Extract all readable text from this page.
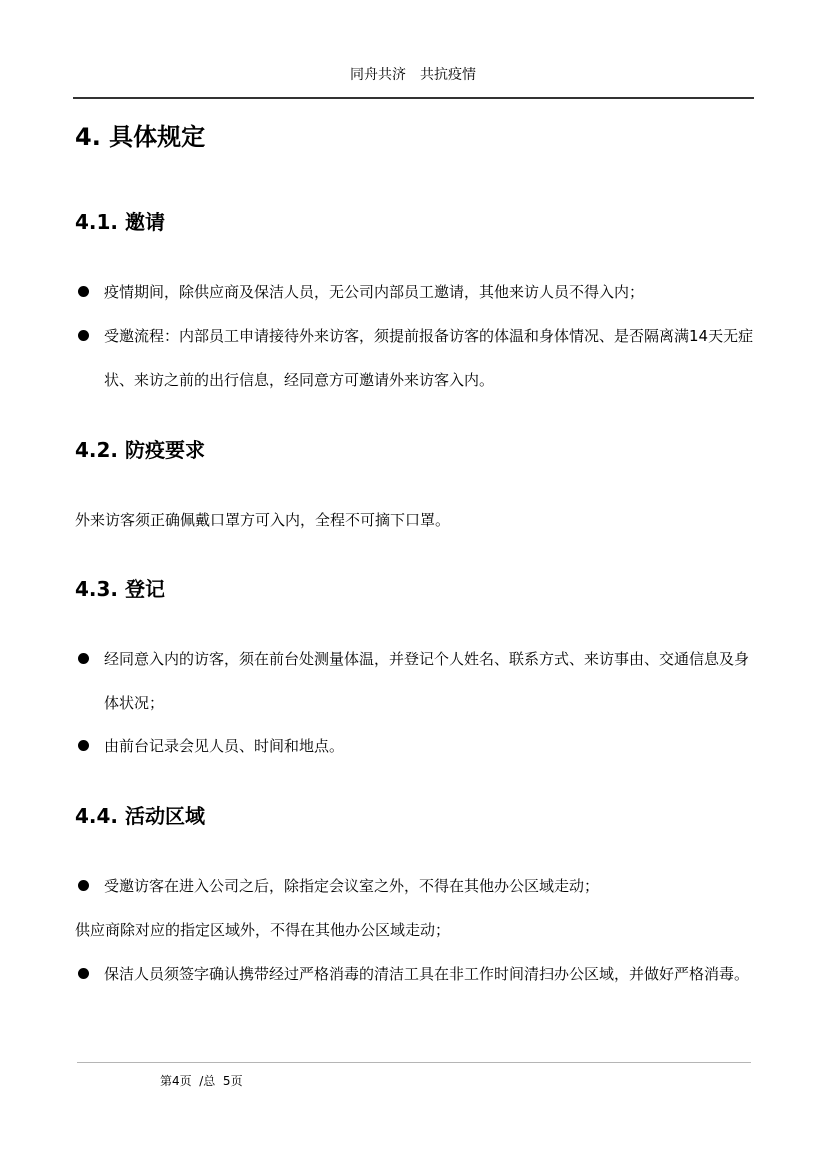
同舟共济　共抗疫情
4. 具体规定
4.1. 邀请
疫情期间，除供应商及保洁人员，无公司内部员工邀请，其他来访人员不得入内；
受邀流程：内部员工申请接待外来访客，须提前报备访客的体温和身体情况、是否隔离满14天无症状、来访之前的出行信息，经同意方可邀请外来访客入内。
4.2. 防疫要求
外来访客须正确佩戴口罩方可入内，全程不可摘下口罩。
4.3. 登记
经同意入内的访客，须在前台处测量体温，并登记个人姓名、联系方式、来访事由、交通信息及身体状况；
由前台记录会见人员、时间和地点。
4.4. 活动区域
受邀访客在进入公司之后，除指定会议室之外，不得在其他办公区域走动；
供应商除对应的指定区域外，不得在其他办公区域走动；
保洁人员须签字确认携带经过严格消毒的清洁工具在非工作时间清扫办公区域，并做好严格消毒。
第4页  /总  5页
